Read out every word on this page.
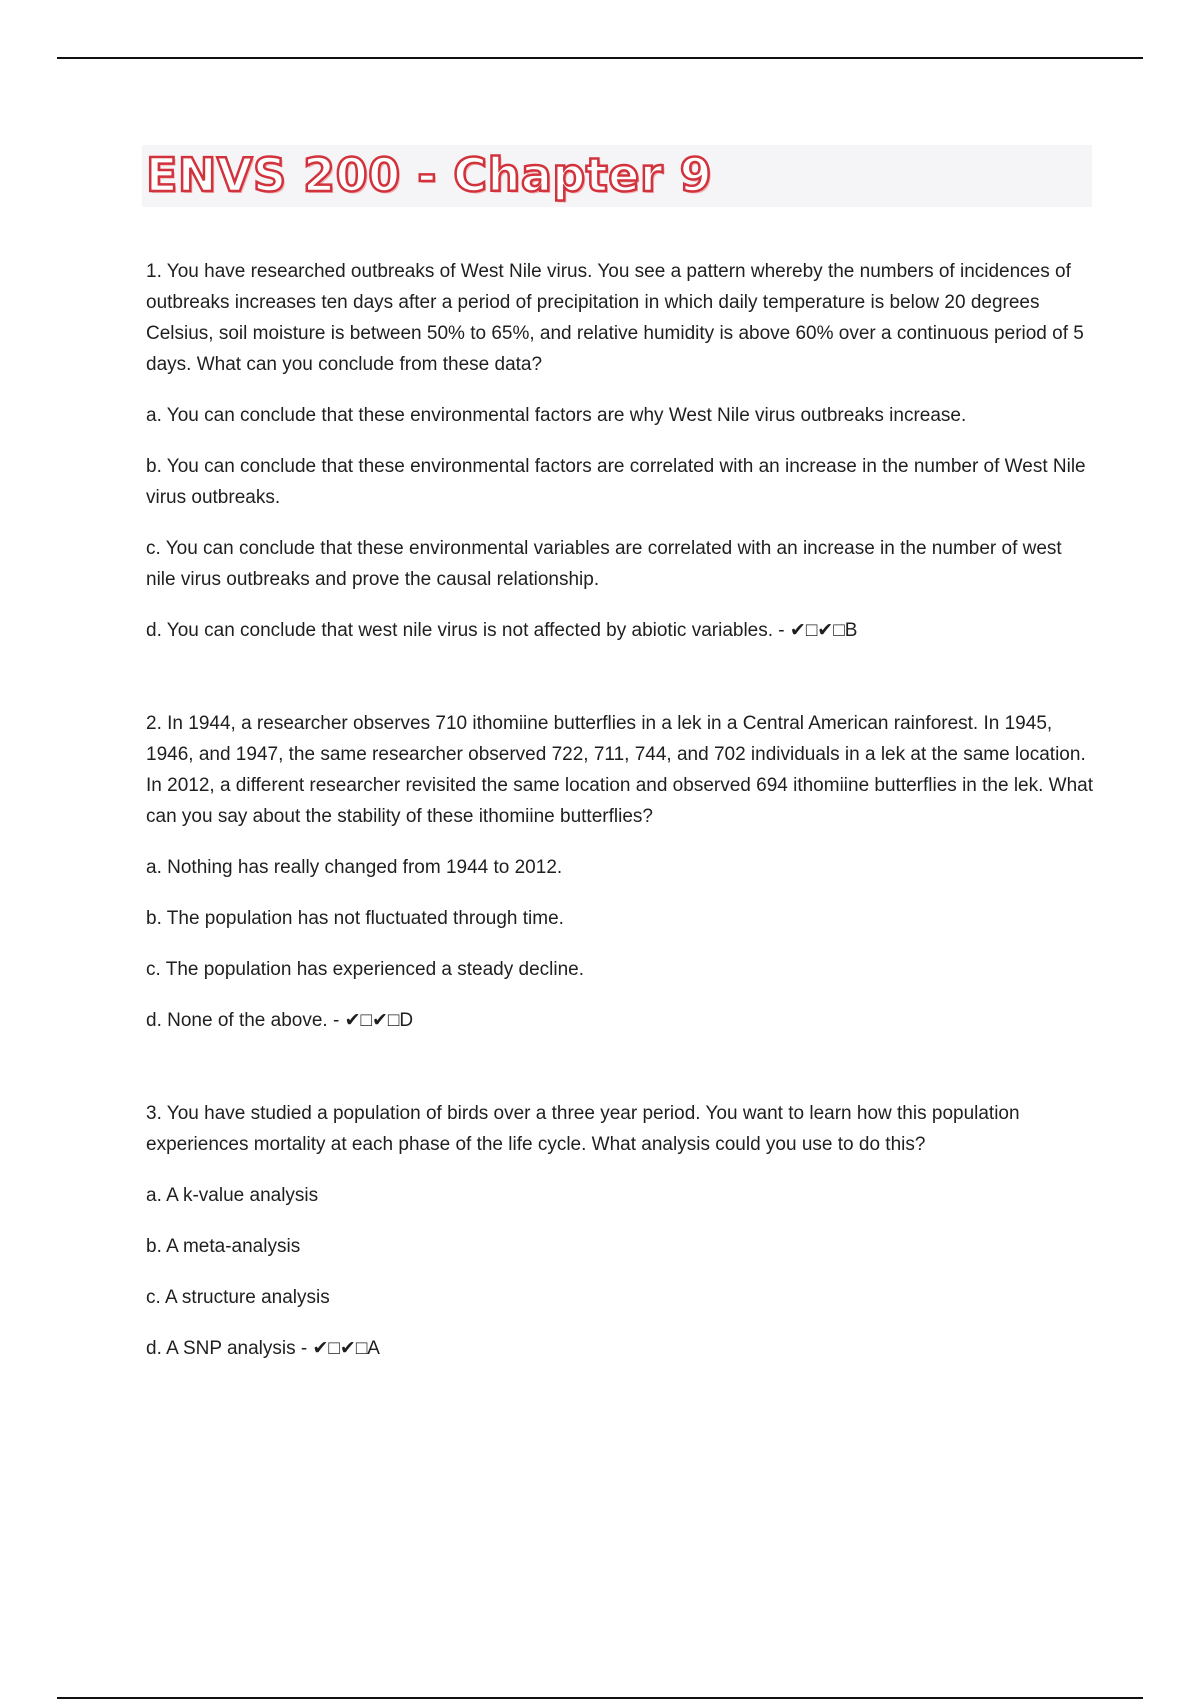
ENVS 200 - Chapter 9

1. You have researched outbreaks of West Nile virus. You see a pattern whereby the numbers of incidences of outbreaks increases ten days after a period of precipitation in which daily temperature is below 20 degrees Celsius, soil moisture is between 50% to 65%, and relative humidity is above 60% over a continuous period of 5 days. What can you conclude from these data?

a. You can conclude that these environmental factors are why West Nile virus outbreaks increase.

b. You can conclude that these environmental factors are correlated with an increase in the number of West Nile virus outbreaks.

c. You can conclude that these environmental variables are correlated with an increase in the number of west nile virus outbreaks and prove the causal relationship.

d. You can conclude that west nile virus is not affected by abiotic variables. - ✔□✔□B

2. In 1944, a researcher observes 710 ithomiine butterflies in a lek in a Central American rainforest. In 1945, 1946, and 1947, the same researcher observed 722, 711, 744, and 702 individuals in a lek at the same location. In 2012, a different researcher revisited the same location and observed 694 ithomiine butterflies in the lek. What can you say about the stability of these ithomiine butterflies?

a. Nothing has really changed from 1944 to 2012.

b. The population has not fluctuated through time.

c. The population has experienced a steady decline.

d. None of the above. - ✔□✔□D

3. You have studied a population of birds over a three year period. You want to learn how this population experiences mortality at each phase of the life cycle. What analysis could you use to do this?

a. A k-value analysis

b. A meta-analysis

c. A structure analysis

d. A SNP analysis - ✔□✔□A
